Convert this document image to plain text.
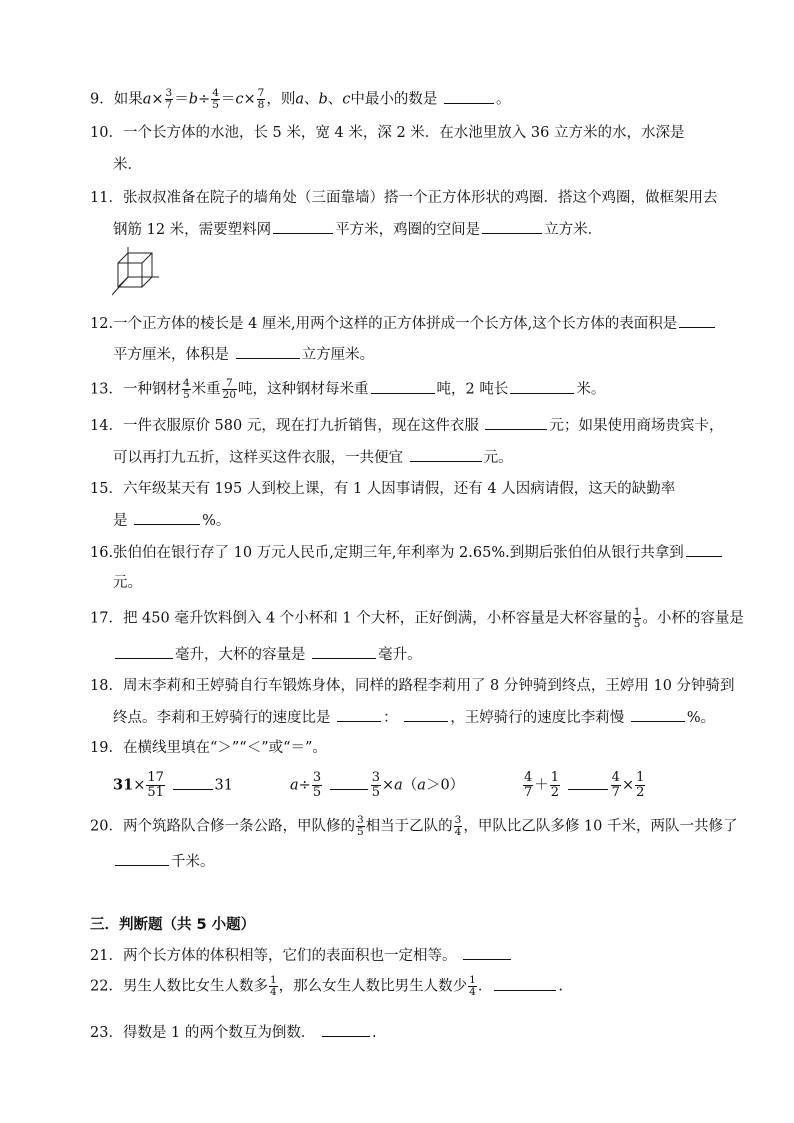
9．如果$a\times \frac{3}{7} =b\div \frac{4}{5} =c\times \frac{7}{8}$ ，则a、b、c中最小的数是	。
10．一个长方体的水池，长 5 米，宽 4 米，深 2 米．在水池里放入 36 立方米的水，水深是
米．
11．张叔叔准备在院子的墙角处（三面靠墙）搭一个正方体形状的鸡圈．搭这个鸡圈，做框架用去
钢筋 12 米，需要塑料网	平方米，鸡圈的空间是	立方米．
12.一个正方体的棱长是 4 厘米,用两个这样的正方体拼成一个长方体,这个长方体的表面积是
平方厘米，体积是	立方厘米。
13．一种钢材 $\frac{4}{5}$ 米重 $\frac{7}{20}$ 吨，这种钢材每米重	吨，2 吨长	米。
14．一件衣服原价 580 元，现在打九折销售，现在这件衣服	元；如果使用商场贵宾卡，
可以再打九五折，这样买这件衣服，一共便宜	元。
15．六年级某天有 195 人到校上课，有 1 人因事请假，还有 4 人因病请假，这天的缺勤率
是	%。
16.张伯伯在银行存了 10 万元人民币,定期三年,年利率为 2.65%.到期后张伯伯从银行共拿到
元。
17．把 450 毫升饮料倒入 4 个小杯和 1 个大杯，正好倒满，小杯容量是大杯容量的 $\frac{1}{5}$ 。小杯的容量是
毫升，大杯的容量是	毫升。
18．周末李莉和王婷骑自行车锻炼身体，同样的路程李莉用了 8 分钟骑到终点，王婷用 10 分钟骑到
终点。李莉和王婷骑行的速度比是	：	，王婷骑行的速度比李莉慢	%。
19．在横线里填在“＞”“＜”或“＝”。
$31\times \frac{17}{51}$	31	$a\div \frac{3}{5}$
	$\frac{3}{5} \times a(a>0)$	$\frac{4}{7} + \frac{1}{2}$
	$\frac{4}{7} \times \frac{1}{2}$
20．两个筑路队合修一条公路，甲队修的 $\frac{3}{5}$ 相当于乙队的 $\frac{3}{4}$ ，甲队比乙队多修 10 千米，两队一共修了
千米。
三．判断题（共 5 小题）
21．两个长方体的体积相等，它们的表面积也一定相等。
22．男生人数比女生人数多 $\frac{1}{4}$ ，那么女生人数比男生人数少 $\frac{1}{4}$ ．	.
23．得数是 1 的两个数互为倒数．	.
